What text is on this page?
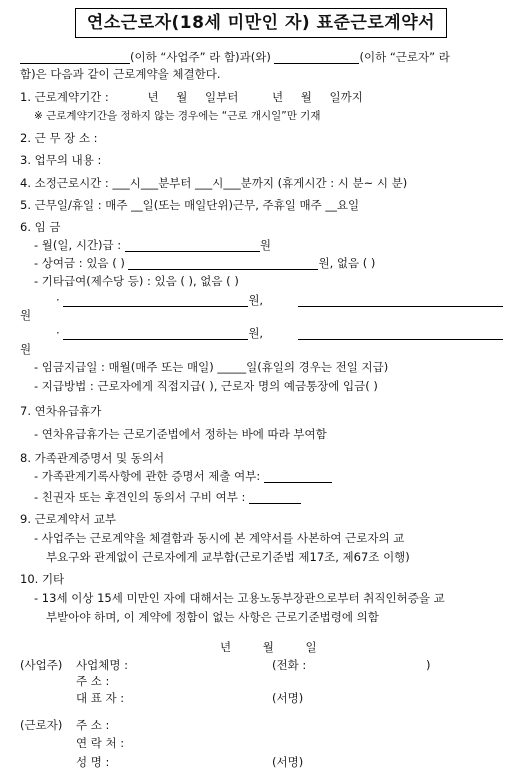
연소근로자(18세 미만인 자) 표준근로계약서
(이하 “사업주” 라 함)과(와)	(이하 “근로자” 라
함)은 다음과 같이 근로계약을 체결한다.
1. 근로계약기간 :	년 월 일부터	년 월 일까지
※ 근로계약기간을 정하지 않는 경우에는 “근로 개시일”만 기재
2. 근 무 장 소 :
3. 업무의 내용 :
4. 소정근로시간 : ___시___분부터 ___시___분까지 (휴게시간 : 시 분~ 시 분)
5. 근무일/휴일 : 매주 __일(또는 매일단위)근무, 주휴일 매주 __요일
6. 임 금
- 월(일, 시간)급 :	원
- 상여금 : 있음 ( )	원, 없음 ( )
- 기타급여(제수당 등) : 있음 ( ), 없음 ( )
·	원,
원
·	원,
원
- 임금지급일 : 매월(매주 또는 매일) _____일(휴일의 경우는 전일 지급)
- 지급방법 : 근로자에게 직접지급( ), 근로자 명의 예금통장에 입금( )
7. 연차유급휴가
- 연차유급휴가는 근로기준법에서 정하는 바에 따라 부여함
8. 가족관계증명서 및 동의서
- 가족관계기록사항에 관한 증명서 제출 여부:
- 친권자 또는 후견인의 동의서 구비 여부 :
9. 근로계약서 교부
- 사업주는 근로계약을 체결함과 동시에 본 계약서를 사본하여 근로자의 교
부요구와 관계없이 근로자에게 교부함(근로기준법 제17조, 제67조 이행)
10. 기타
- 13세 이상 15세 미만인 자에 대해서는 고용노동부장관으로부터 취직인허증을 교
부받아야 하며, 이 계약에 정함이 없는 사항은 근로기준법령에 의함
년	월	일
(사업주) 사업체명 :	(전화 :	)
주 소 :
대 표 자 :	(서명)
(근로자) 주 소 :
연 락 처 :
성 명 :	(서명)
